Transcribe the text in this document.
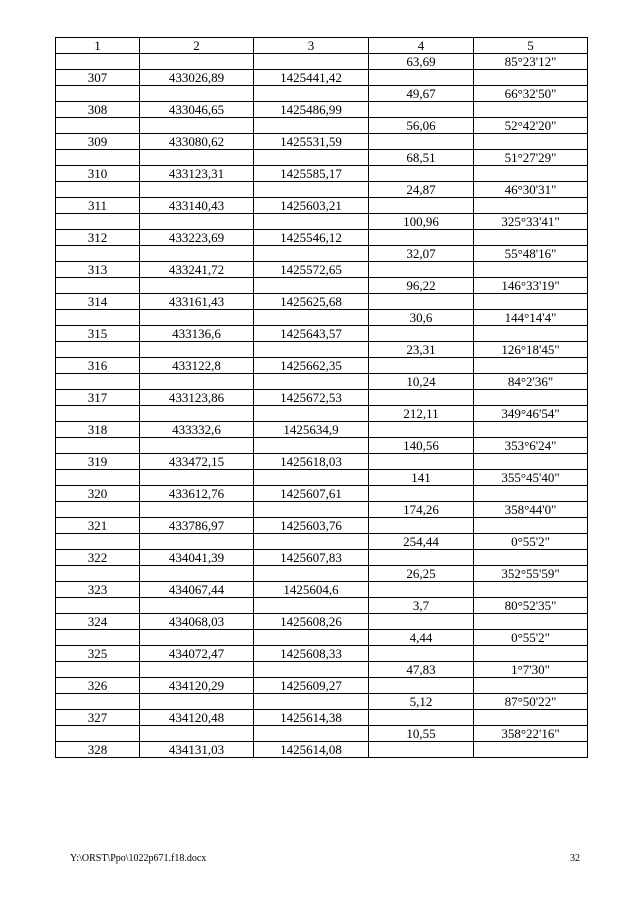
1	2	3	4	5
			63,69	85°23'12"
307	433026,89	1425441,42		
			49,67	66°32'50"
308	433046,65	1425486,99		
			56,06	52°42'20"
309	433080,62	1425531,59		
			68,51	51°27'29"
310	433123,31	1425585,17		
			24,87	46°30'31"
311	433140,43	1425603,21		
			100,96	325°33'41"
312	433223,69	1425546,12		
			32,07	55°48'16"
313	433241,72	1425572,65		
			96,22	146°33'19"
314	433161,43	1425625,68		
			30,6	144°14'4"
315	433136,6	1425643,57		
			23,31	126°18'45"
316	433122,8	1425662,35		
			10,24	84°2'36"
317	433123,86	1425672,53		
			212,11	349°46'54"
318	433332,6	1425634,9		
			140,56	353°6'24"
319	433472,15	1425618,03		
			141	355°45'40"
320	433612,76	1425607,61		
			174,26	358°44'0"
321	433786,97	1425603,76		
			254,44	0°55'2"
322	434041,39	1425607,83		
			26,25	352°55'59"
323	434067,44	1425604,6		
			3,7	80°52'35"
324	434068,03	1425608,26		
			4,44	0°55'2"
325	434072,47	1425608,33		
			47,83	1°7'30"
326	434120,29	1425609,27		
			5,12	87°50'22"
327	434120,48	1425614,38		
			10,55	358°22'16"
328	434131,03	1425614,08		
Y:\ORST\Ppo\1022p671.f18.docx	32
